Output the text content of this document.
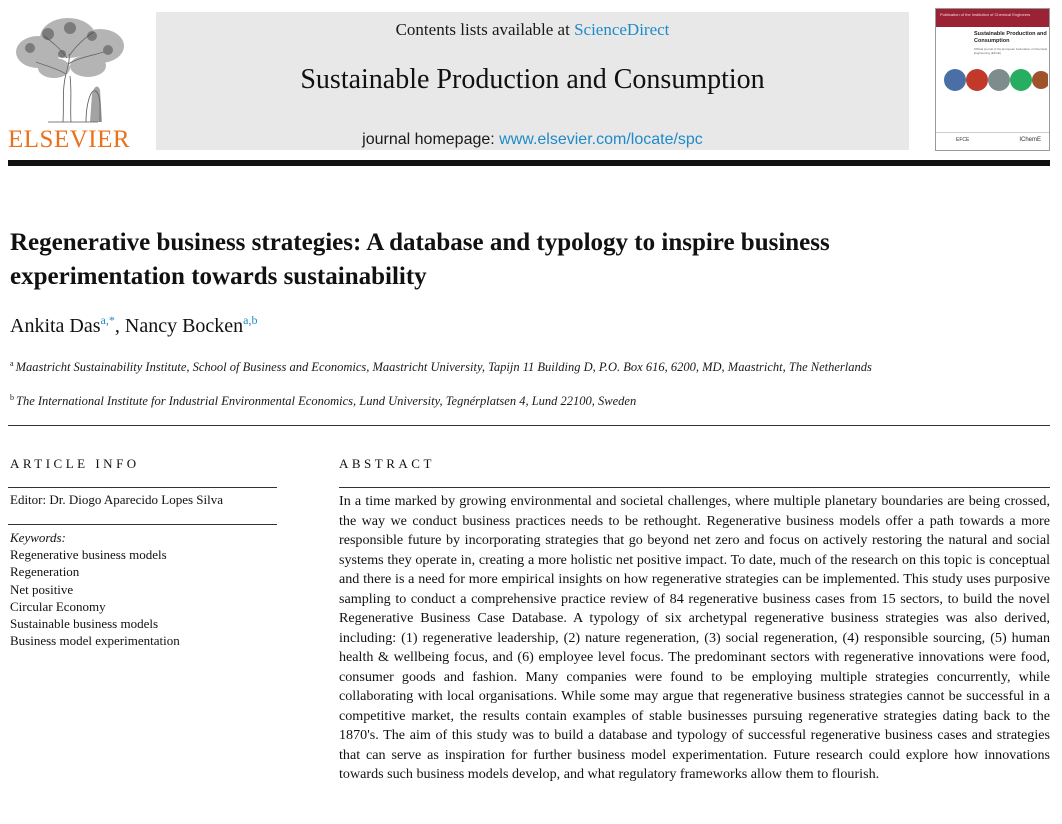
ELSEVIER
Contents lists available at ScienceDirect
Sustainable Production and Consumption
journal homepage: www.elsevier.com/locate/spc
Publication of the Institution of Chemical Engineers
Sustainable Production and Consumption
Official journal of the European Federation of Chemical Engineering (EFCE)
EFCE	IChemE
Regenerative business strategies: A database and typology to inspire business experimentation towards sustainability
Ankita Das$^{a,*}$, Nancy Bocken$^{a,b}$
$^a$ Maastricht Sustainability Institute, School of Business and Economics, Maastricht University, Tapijn 11 Building D, P.O. Box 616, 6200, MD, Maastricht, The Netherlands
$^b$ The International Institute for Industrial Environmental Economics, Lund University, Tegnérplatsen 4, Lund 22100, Sweden
ARTICLE INFO
Editor: Dr. Diogo Aparecido Lopes Silva
Keywords:
Regenerative business models
Regeneration
Net positive
Circular Economy
Sustainable business models
Business model experimentation
ABSTRACT

In a time marked by growing environmental and societal challenges, where multiple planetary boundaries are being crossed, the way we conduct business practices needs to be rethought. Regenerative business models offer a path towards a more responsible future by incorporating strategies that go beyond net zero and focus on actively restoring the natural and social systems they operate in, creating a more holistic net positive impact. To date, much of the research on this topic is conceptual and there is a need for more empirical insights on how regenerative strategies can be implemented. This study uses purposive sampling to conduct a comprehensive practice review of 84 regenerative business cases from 15 sectors, to build the novel Regenerative Business Case Database. A typology of six archetypal regenerative business strategies was also derived, including: (1) regenerative leadership, (2) nature regeneration, (3) social regeneration, (4) responsible sourcing, (5) human health & wellbeing focus, and (6) employee level focus. The predominant sectors with regenerative innovations were food, consumer goods and fashion. Many companies were found to be employing multiple strategies concurrently, while collaborating with local organisations. While some may argue that regenerative business strategies cannot be successful in a competitive market, the results contain examples of stable businesses pursuing regenerative strategies dating back to the 1870's. The aim of this study was to build a database and typology of successful regenerative business cases and strategies that can serve as inspiration for further business model experimentation. Future research could explore how innovations towards such business models develop, and what regulatory frameworks allow them to flourish.
